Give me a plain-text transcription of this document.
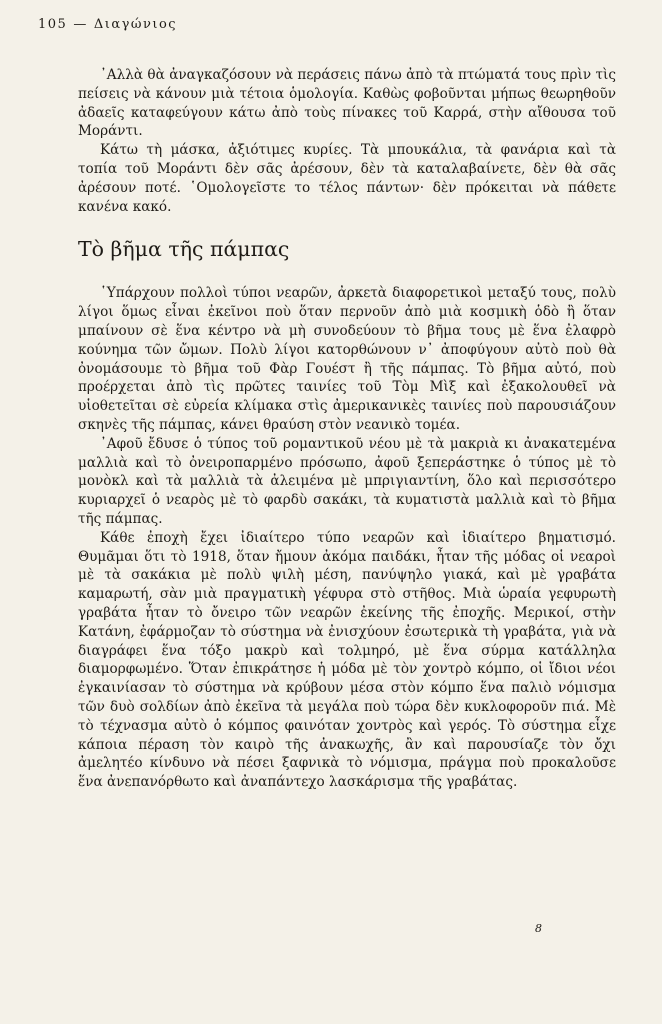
105 — Διαγώνιος

᾽Αλλὰ θὰ ἀναγκαζόσουν νὰ περάσεις πάνω ἀπὸ τὰ πτώματά τους πρὶν τὶς πείσεις νὰ κάνουν μιὰ τέτοια ὁμολογία. Καθὼς φοβοῦνται μήπως θεωρηθοῦν ἀδαεῖς καταφεύγουν κάτω ἀπὸ τοὺς πίνακες τοῦ Καρρά, στὴν αἴθουσα τοῦ Μοράντι.

Κάτω τὴ μάσκα, ἀξιότιμες κυρίες. Τὰ μπουκάλια, τὰ φανάρια καὶ τὰ τοπία τοῦ Μοράντι δὲν σᾶς ἀρέσουν, δὲν τὰ καταλαβαίνετε, δὲν θὰ σᾶς ἀρέσουν ποτέ. ῾Ομολογεῖστε το τέλος πάντων· δὲν πρόκειται νὰ πάθετε κανένα κακό.

Τὸ βῆμα τῆς πάμπας

῾Υπάρχουν πολλοὶ τύποι νεαρῶν, ἀρκετὰ διαφορετικοὶ μεταξύ τους, πολὺ λίγοι ὅμως εἶναι ἐκεῖνοι ποὺ ὅταν περνοῦν ἀπὸ μιὰ κοσμικὴ ὁδὸ ἢ ὅταν μπαίνουν σὲ ἕνα κέντρο νὰ μὴ συνοδεύουν τὸ βῆμα τους μὲ ἕνα ἐλαφρὸ κούνημα τῶν ὤμων. Πολὺ λίγοι κατορθώνουν ν᾽ ἀποφύγουν αὐτὸ ποὺ θὰ ὀνομάσουμε τὸ βῆμα τοῦ Φὰρ Γουέστ ἢ τῆς πάμπας. Τὸ βῆμα αὐτό, ποὺ προέρχεται ἀπὸ τὶς πρῶτες ταινίες τοῦ Τὸμ Μὶξ καὶ ἐξακολουθεῖ νὰ υἱοθετεῖται σὲ εὐρεία κλίμακα στὶς ἀμερικανικὲς ταινίες ποὺ παρουσιάζουν σκηνὲς τῆς πάμπας, κάνει θραύση στὸν νεανικὸ τομέα.

᾽Αφοῦ ἔδυσε ὁ τύπος τοῦ ρομαντικοῦ νέου μὲ τὰ μακριὰ κι ἀνακατεμένα μαλλιὰ καὶ τὸ ὀνειροπαρμένο πρόσωπο, ἀφοῦ ξεπεράστηκε ὁ τύπος μὲ τὸ μονὸκλ καὶ τὰ μαλλιὰ τὰ ἀλειμένα μὲ μπριγιαντίνη, ὅλο καὶ περισσότερο κυριαρχεῖ ὁ νεαρὸς μὲ τὸ φαρδὺ σακάκι, τὰ κυματιστὰ μαλλιὰ καὶ τὸ βῆμα τῆς πάμπας.

Κάθε ἐποχὴ ἔχει ἰδιαίτερο τύπο νεαρῶν καὶ ἰδιαίτερο βηματισμό. Θυμᾶμαι ὅτι τὸ 1918, ὅταν ἤμουν ἀκόμα παιδάκι, ἦταν τῆς μόδας οἱ νεαροὶ μὲ τὰ σακάκια μὲ πολὺ ψιλὴ μέση, πανύψηλο γιακά, καὶ μὲ γραβάτα καμαρωτή, σὰν μιὰ πραγματικὴ γέφυρα στὸ στῆθος. Μιὰ ὡραία γεφυρωτὴ γραβάτα ἦταν τὸ ὄνειρο τῶν νεαρῶν ἐκείνης τῆς ἐποχῆς. Μερικοί, στὴν Κατάνη, ἐφάρμοζαν τὸ σύστημα νὰ ἐνισχύουν ἐσωτερικὰ τὴ γραβάτα, γιὰ νὰ διαγράφει ἕνα τόξο μακρὺ καὶ τολμηρό, μὲ ἕνα σύρμα κατάλληλα διαμορφωμένο. Ὅταν ἐπικράτησε ἡ μόδα μὲ τὸν χοντρὸ κόμπο, οἱ ἴδιοι νέοι ἐγκαινίασαν τὸ σύστημα νὰ κρύβουν μέσα στὸν κόμπο ἕνα παλιὸ νόμισμα τῶν δυὸ σολδίων ἀπὸ ἐκεῖνα τὰ μεγάλα ποὺ τώρα δὲν κυκλοφοροῦν πιά. Μὲ τὸ τέχνασμα αὐτὸ ὁ κόμπος φαινόταν χοντρὸς καὶ γερός. Τὸ σύστημα εἶχε κάποια πέραση τὸν καιρὸ τῆς ἀνακωχῆς, ἂν καὶ παρουσίαζε τὸν ὄχι ἀμελητέο κίνδυνο νὰ πέσει ξαφνικὰ τὸ νόμισμα, πράγμα ποὺ προκαλοῦσε ἕνα ἀνεπανόρθωτο καὶ ἀναπάντεχο λασκάρισμα τῆς γραβάτας.

8
